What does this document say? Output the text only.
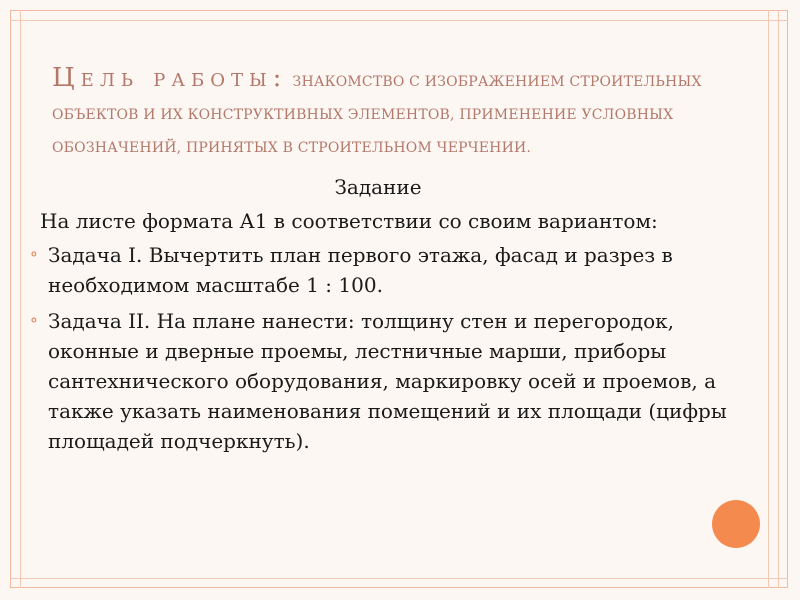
Цель работы: ЗНАКОМСТВО С ИЗОБРАЖЕНИЕМ СТРОИТЕЛЬНЫХ ОБЪЕКТОВ И ИХ КОНСТРУКТИВНЫХ ЭЛЕМЕНТОВ, ПРИМЕНЕНИЕ УСЛОВНЫХ ОБОЗНАЧЕНИЙ, ПРИНЯТЫХ В СТРОИТЕЛЬНОМ ЧЕРЧЕНИИ.
Задание
На листе формата А1 в соответствии со своим вариантом:
⚬ Задача I. Вычертить план первого этажа, фасад и разрез в необходимом масштабе 1 : 100.
⚬ Задача II. На плане нанести: толщину стен и перегородок, оконные и дверные проемы, лестничные марши, приборы сантехнического оборудования, маркировку осей и проемов, а также указать наименования помещений и их площади (цифры площадей подчеркнуть).
